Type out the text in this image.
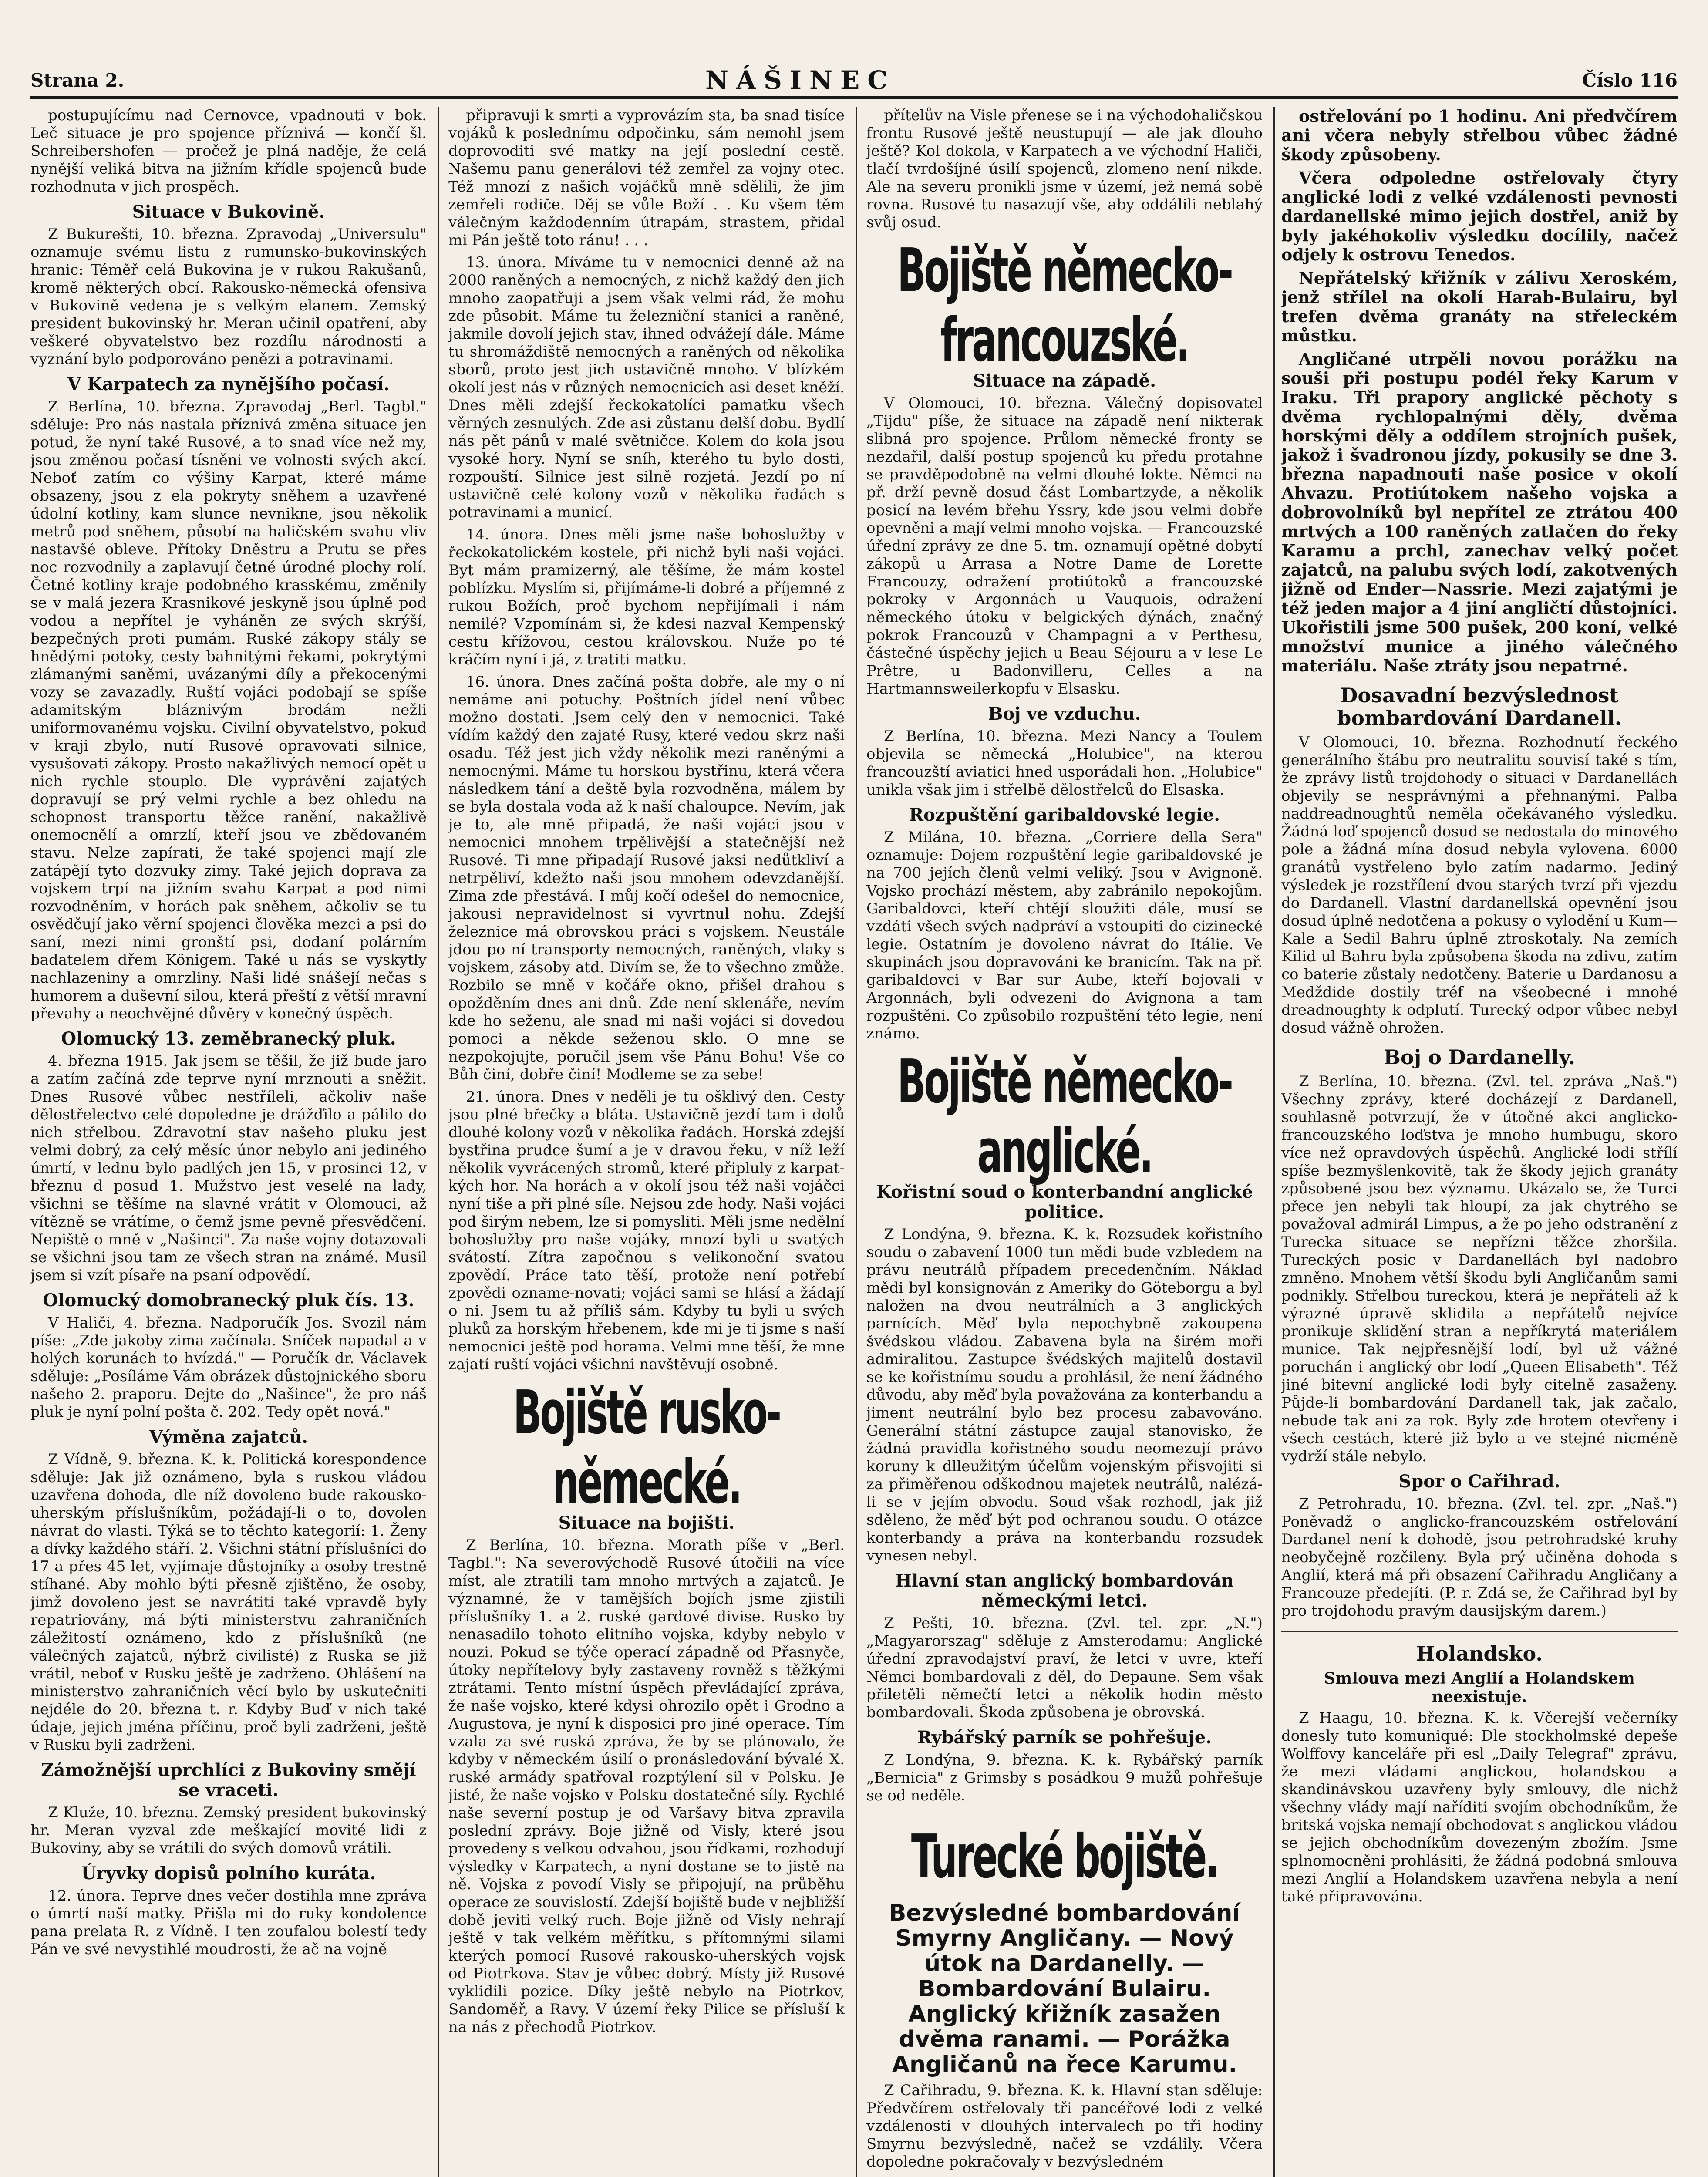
Strana 2.	NÁŠINEC	Číslo 116

postupujícímu nad Cernovce, vpadnouti v bok. Leč situace je pro spojence příznivá — končí šl. Schreibershofen — pročež je plná naděje, že celá nynější veliká bitva na jižním křídle spojenců bude rozhodnuta v jich prospěch.

Situace v Bukovině.

Z Bukurešti, 10. března. Zpravodaj „Universulu" oznamuje svému listu z rumunsko-bukovinských hranic: Téměř celá Bukovina je v rukou Rakušanů, kromě některých obcí. Rakousko-německá ofensiva v Bukovině vedena je s velkým elanem. Zemský president bukovinský hr. Meran učinil opatření, aby veškeré obyvatelstvo bez rozdílu národnosti a vyznání bylo podporováno penězi a potravinami.

V Karpatech za nynějšího počasí.

Z Berlína, 10. března. Zpravodaj „Berl. Tagbl." sděluje: Pro nás nastala příznivá změna situace jen potud, že nyní také Rusové, a to snad více než my, jsou změnou počasí tísněni ve volnosti svých akcí. Neboť zatím co výšiny Karpat, které máme obsazeny, jsou z ela pokryty sněhem a uzavřené údolní kotliny, kam slunce nevnikne, jsou několik metrů pod sněhem, působí na haličském svahu vliv nastavšé obleve. Přítoky Dněstru a Prutu se přes noc rozvodnily a zaplavují četné úrodné plochy rolí. Četné kotliny kraje podobného krasskému, změnily se v malá jezera Krasnikové jeskyně jsou úplně pod vodou a nepřítel je vyháněn ze svých skrýší, bezpečných proti pumám. Ruské zákopy stály se hnědými potoky, cesty bahnitými řekami, pokrytými zlámanými saněmi, uvázanými díly a překocenými vozy se zavazadly. Ruští vojáci podobají se spíše adamitským bláznivým brodám nežli uniformovanému vojsku. Civilní obyvatelstvo, pokud v kraji zbylo, nutí Rusové opravovati silnice, vysušovati zákopy. Prosto nakažlivých nemocí opět u nich rychle stouplo. Dle vyprávění zajatých dopravují se prý velmi rychle a bez ohledu na schopnost transportu těžce ranění, nakažlivě onemocnělí a omrzlí, kteří jsou ve zbědovaném stavu. Nelze zapírati, že také spojenci mají zle zatápějí tyto dozvuky zimy. Také jejich doprava za vojskem trpí na jižním svahu Karpat a pod nimi rozvodněním, v horách pak sněhem, ačkoliv se tu osvědčují jako věrní spojenci člověka mezci a psi do saní, mezi nimi gronští psi, dodaní polárním badatelem dřem Königem. Také u nás se vyskytly nachlazeniny a omrzliny. Naši lidé snášejí nečas s humorem a duševní silou, která přeští z větší mravní převahy a neochvějné důvěry v konečný úspěch.

Olomucký 13. zeměbranecký pluk.

4. března 1915. Jak jsem se těšil, že již bude jaro a zatím začíná zde teprve nyní mrznouti a sněžit. Dnes Rusové vůbec nestříleli, ačkoliv naše dělostřelectvo celé dopoledne je drážďilo a pálilo do nich střelbou. Zdravotní stav našeho pluku jest velmi dobrý, za celý měsíc únor nebylo ani jediného úmrtí, v lednu bylo padlých jen 15, v prosinci 12, v březnu d posud 1. Mužstvo jest veselé na lady, všichni se těšíme na slavné vrátit v Olomouci, až vítězně se vrátíme, o čemž jsme pevně přesvědčení. Nepiště o mně v „Našinci". Za naše vojny dotazovali se všichni jsou tam ze všech stran na známé. Musil jsem si vzít písaře na psaní odpovědí.

Olomucký domobranecký pluk čís. 13.

V Haliči, 4. března. Nadporučík Jos. Svozil nám píše: „Zde jakoby zima začínala. Sníček napadal a v holých korunách to hvízdá." — Poručík dr. Václavek sděluje: „Posíláme Vám obrázek důstojnického sboru našeho 2. praporu. Dejte do „Našince", že pro náš pluk je nyní polní pošta č. 202. Tedy opět nová."

Výměna zajatců.

Z Vídně, 9. března. K. k. Politická korespondence sděluje: Jak již oznámeno, byla s ruskou vládou uzavřena dohoda, dle níž dovoleno bude rakousko-uherským příslušníkům, požádají-li o to, dovolen návrat do vlasti. Týká se to těchto kategorií: 1. Ženy a dívky každého stáří. 2. Všichni státní příslušníci do 17 a přes 45 let, vyjímaje důstojníky a osoby trestně stíhané. Aby mohlo býti přesně zjištěno, že osoby, jimž dovoleno jest se navrátiti také vpravdě byly repatriovány, má býti ministerstvu zahraničních záležitostí oznámeno, kdo z příslušníků (ne válečných zajatců, nýbrž civilisté) z Ruska se již vrátil, neboť v Rusku ještě je zadrženo. Ohlášení na ministerstvo zahraničních věcí bylo by uskutečniti nejdéle do 20. března t. r. Kdyby Buď v nich také údaje, jejich jména příčinu, proč byli zadrženi, ještě v Rusku byli zadrženi.

Zámožnější uprchlíci z Bukoviny smějí se vraceti.

Z Kluže, 10. března. Zemský president bukovinský hr. Meran vyzval zde meškající movité lidi z Bukoviny, aby se vrátili do svých domovů vrátili.

Úryvky dopisů polního kuráta.

12. února. Teprve dnes večer dostihla mne zpráva o úmrtí naší matky. Přišla mi do ruky kondolence pana prelata R. z Vídně. I ten zoufalou bolestí tedy Pán ve své nevystihlé moudrosti, že ač na vojně

připravuji k smrti a vyprovázím sta, ba snad tisíce vojáků k poslednímu odpočinku, sám nemohl jsem doprovoditi své matky na její poslední cestě. Našemu panu generálovi též zemřel za vojny otec. Též mnozí z našich vojáčků mně sdělili, že jim zemřeli rodiče. Děj se vůle Boží . . Ku všem těm válečným každodenním útrapám, strastem, přidal mi Pán ještě toto ránu! . . .

13. února. Míváme tu v nemocnici denně až na 2000 raněných a nemocných, z nichž každý den jich mnoho zaopatřuji a jsem však velmi rád, že mohu zde působit. Máme tu železniční stanici a raněné, jakmile dovolí jejich stav, ihned odvážejí dále. Máme tu shromáždiště nemocných a raněných od několika sborů, proto jest jich ustavičně mnoho. V blízkém okolí jest nás v různých nemocnicích asi deset kněží. Dnes měli zdejší řeckokatolíci pamatku všech věrných zesnulých. Zde asi zůstanu delší dobu. Bydlí nás pět pánů v malé světničce. Kolem do kola jsou vysoké hory. Nyní se sníh, kterého tu bylo dosti, rozpouští. Silnice jest silně rozjetá. Jezdí po ní ustavičně celé kolony vozů v několika řadách s potravinami a municí.

14. února. Dnes měli jsme naše bohoslužby v řeckokatolickém kostele, při nichž byli naši vojáci. Byt mám pramizerný, ale těšíme, že mám kostel poblízku. Myslím si, přijímáme-li dobré a příjemné z rukou Božích, proč bychom nepřijímali i nám nemilé? Vzpomínám si, že kdesi nazval Kempenský cestu křížovou, cestou královskou. Nuže po té kráčím nyní i já, z tratiti matku.

16. února. Dnes začíná pošta dobře, ale my o ní nemáme ani potuchy. Poštních jídel není vůbec možno dostati. Jsem celý den v nemocnici. Také vídím každý den zajaté Rusy, které vedou skrz naši osadu. Též jest jich vždy několik mezi raněnými a nemocnými. Máme tu horskou bystřinu, která včera následkem tání a deště byla rozvodněna, málem by se byla dostala voda až k naší chaloupce. Nevím, jak je to, ale mně připadá, že naši vojáci jsou v nemocnici mnohem trpělivější a statečnější než Rusové. Ti mne připadají Rusové jaksi nedůtkliví a netrpěliví, kdežto naši jsou mnohem odevzdanější. Zima zde přestává. I můj kočí odešel do nemocnice, jakousi nepravidelnost si vyvrtnul nohu. Zdejší železnice má obrovskou práci s vojskem. Neustále jdou po ní transporty nemocných, raněných, vlaky s vojskem, zásoby atd. Divím se, že to všechno zmůže. Rozbilo se mně v kočáře okno, přišel drahou s opožděním dnes ani dnů. Zde není sklenáře, nevím kde ho seženu, ale snad mi naši vojáci si dovedou pomoci a někde seženou sklo. O mne se nezpokojujte, poručil jsem vše Pánu Bohu! Vše co Bůh činí, dobře činí! Modleme se za sebe!

21. února. Dnes v neděli je tu ošklivý den. Cesty jsou plné břečky a bláta. Ustavičně jezdí tam i dolů dlouhé kolony vozů v několika řadách. Horská zdejší bystřina prudce šumí a je v dravou řeku, v níž leží několik vyvrácených stromů, které připluly z karpat-kých hor. Na horách a v okolí jsou též naši vojáčci nyní tiše a při plné síle. Nejsou zde hody. Naši vojáci pod širým nebem, lze si pomysliti. Měli jsme nedělní bohoslužby pro naše vojáky, mnozí byli u svatých svátostí. Zítra započnou s velikonoční svatou zpovědí. Práce tato těší, protože není potřebí zpovědi ozname-novati; vojáci sami se hlásí a žádají o ni. Jsem tu až příliš sám. Kdyby tu byli u svých pluků za horským hřebenem, kde mi je ti jsme s naší nemocnici ještě pod horama. Velmi mne těší, že mne zajatí ruští vojáci všichni navštěvují osobně.

Bojiště rusko-německé.
Situace na bojišti.

Z Berlína, 10. března. Morath píše v „Berl. Tagbl.": Na severovýchodě Rusové útočili na více míst, ale ztratili tam mnoho mrtvých a zajatců. Je významné, že v tamějších bojích jsme zjistili příslušníky 1. a 2. ruské gardové divise. Rusko by nenasadilo tohoto elitního vojska, kdyby nebylo v nouzi. Pokud se týče operací západně od Přasnyče, útoky nepřítelovy byly zastaveny rovněž s těžkými ztrátami. Tento místní úspěch převládající zpráva, že naše vojsko, které kdysi ohrozilo opět i Grodno a Augustova, je nyní k disposici pro jiné operace. Tím vzala za své ruská zpráva, že by se plánovalo, že kdyby v německém úsilí o pronásledování bývalé X. ruské armády spatřoval rozptýlení sil v Polsku. Je jisté, že naše vojsko v Polsku dostatečné síly. Rychlé naše severní postup je od Varšavy bitva zpravila poslední zprávy. Boje jižně od Visly, které jsou provedeny s velkou odvahou, jsou řídkami, rozhodují výsledky v Karpatech, a nyní dostane se to jistě na ně. Vojska z povodí Visly se připojují, na průběhu operace ze souvislostí. Zdejší bojiště bude v nejbližší době jeviti velký ruch. Boje jižně od Visly nehrají ještě v tak velkém měřítku, s přítomnými silami kterých pomocí Rusové rakousko-uherských vojsk od Piotrkova. Stav je vůbec dobrý. Místy již Rusové vyklidili pozice. Díky ještě nebylo na Piotrkov, Sandoměř, a Ravy. V území řeky Pilice se přísluší k na nás z přechodů Piotrkov.

přítelův na Visle přenese se i na východohaličskou frontu Rusové ještě neustupují — ale jak dlouho ještě? Kol dokola, v Karpatech a ve východní Haliči, tlačí tvrdošíjné úsilí spojenců, zlomeno není nikde. Ale na severu pronikli jsme v území, jež nemá sobě rovna. Rusové tu nasazují vše, aby oddálili neblahý svůj osud.

Bojiště německo-francouzské.
Situace na západě.

V Olomouci, 10. března. Válečný dopisovatel „Tijdu" píše, že situace na západě není nikterak slibná pro spojence. Průlom německé fronty se nezdařil, další postup spojenců ku předu protahne se pravděpodobně na velmi dlouhé lokte. Němci na př. drží pevně dosud část Lombartzyde, a několik posicí na levém břehu Yssry, kde jsou velmi dobře opevněni a mají velmi mnoho vojska. — Francouzské úřední zprávy ze dne 5. tm. oznamují opětné dobytí zákopů u Arrasa a Notre Dame de Lorette Francouzy, odražení protiútoků a francouzské pokroky v Argonnách u Vauquois, odražení německého útoku v belgických dýnách, značný pokrok Francouzů v Champagni a v Perthesu, částečné úspěchy jejich u Beau Séjouru a v lese Le Prêtre, u Badonvilleru, Celles a na Hartmannsweilerkopfu v Elsasku.

Boj ve vzduchu.

Z Berlína, 10. března. Mezi Nancy a Toulem objevila se německá „Holubice", na kterou francouzští aviatici hned usporádali hon. „Holubice" unikla však jim i střelbě dělostřelců do Elsaska.

Rozpuštění garibaldovské legie.

Z Milána, 10. března. „Corriere della Sera" oznamuje: Dojem rozpuštění legie garibaldovské je na 700 jejích členů velmi veliký. Jsou v Avignoně. Vojsko prochází městem, aby zabránilo nepokojům. Garibaldovci, kteří chtějí sloužiti dále, musí se vzdáti všech svých nadpráví a vstoupiti do cizinecké legie. Ostatním je dovoleno návrat do Itálie. Ve skupinách jsou dopravováni ke branicím. Tak na př. garibaldovci v Bar sur Aube, kteří bojovali v Argonnách, byli odvezeni do Avignona a tam rozpuštěni. Co způsobilo rozpuštění této legie, není známo.

Bojiště německo-anglické.
Kořistní soud o konterbandní anglické politice.

Z Londýna, 9. března. K. k. Rozsudek kořistního soudu o zabavení 1000 tun mědi bude vzbledem na právu neutrálů případem precedenčním. Náklad mědi byl konsignován z Ameriky do Göteborgu a byl naložen na dvou neutrálních a 3 anglických parnících. Měď byla nepochybně zakoupena švédskou vládou. Zabavena byla na širém moři admiralitou. Zastupce švédských majitelů dostavil se ke kořistnímu soudu a prohlásil, že není žádného důvodu, aby měď byla považována za konterbandu a jiment neutrální bylo bez procesu zabavováno. Generální státní zástupce zaujal stanovisko, že žádná pravidla kořistného soudu neomezují právo koruny k dlleužitým účelům vojenským přisvojiti si za přiměřenou odškodnou majetek neutrálů, nalézá-li se v jejím obvodu. Soud však rozhodl, jak již sděleno, že měď být pod ochranou soudu. O otázce konterbandy a práva na konterbandu rozsudek vynesen nebyl.

Hlavní stan anglický bombardován německými letci.

Z Pešti, 10. března. (Zvl. tel. zpr. „N.") „Magyarorszag" sděluje z Amsterodamu: Anglické úřední zpravodajství praví, že letci v uvre, kteří Němci bombardovali z děl, do Depaune. Sem však přiletěli němečtí letci a několik hodin město bombardovali. Škoda způsobena je obrovská.

Rybářský parník se pohřešuje.

Z Londýna, 9. března. K. k. Rybářský parník „Bernicia" z Grimsby s posádkou 9 mužů pohřešuje se od neděle.

Turecké bojiště.
Bezvýsledné bombardování Smyrny Angličany. — Nový útok na Dardanelly. — Bombardování Bulairu. Anglický křižník zasažen dvěma ranami. — Porážka Angličanů na řece Karumu.

Z Cařihradu, 9. března. K. k. Hlavní stan sděluje: Předvčírem ostřelovaly tři pancéřové lodi z velké vzdálenosti v dlouhých intervalech po tři hodiny Smyrnu bezvýsledně, načež se vzdálily. Včera dopoledne pokračovaly v bezvýsledném

ostřelování po 1 hodinu. Ani předvčírem ani včera nebyly střelbou vůbec žádné škody způsobeny.

Včera odpoledne ostřelovaly čtyry anglické lodi z velké vzdálenosti pevnosti dardanellské mimo jejich dostřel, aniž by byly jakéhokoliv výsledku docílily, načež odjely k ostrovu Tenedos.

Nepřátelský křižník v zálivu Xeroském, jenž střílel na okolí Harab-Bulairu, byl trefen dvěma granáty na střeleckém můstku.

Angličané utrpěli novou porážku na souši při postupu podél řeky Karum v Iraku. Tři prapory anglické pěchoty s dvěma rychlopalnými děly, dvěma horskými děly a oddílem strojních pušek, jakož i švadronou jízdy, pokusily se dne 3. března napadnouti naše posice v okolí Ahvazu. Protiútokem našeho vojska a dobrovolníků byl nepřítel ze ztrátou 400 mrtvých a 100 raněných zatlačen do řeky Karamu a prchl, zanechav velký počet zajatců, na palubu svých lodí, zakotvených jižně od Ender—Nassrie. Mezi zajatými je též jeden major a 4 jiní angličtí důstojníci. Ukořistili jsme 500 pušek, 200 koní, velké množství munice a jiného válečného materiálu. Naše ztráty jsou nepatrné.

Dosavadní bezvýslednost bombardování Dardanell.

V Olomouci, 10. března. Rozhodnutí řeckého generálního štábu pro neutralitu souvisí také s tím, že zprávy listů trojdohody o situaci v Dardanellách objevily se nesprávnými a přehnanými. Palba naddreadnoughtů neměla očekávaného výsledku. Žádná loď spojenců dosud se nedostala do minového pole a žádná mína dosud nebyla vylovena. 6000 granátů vystřeleno bylo zatím nadarmo. Jediný výsledek je rozstřílení dvou starých tvrzí při vjezdu do Dardanell. Vlastní dardanellská opevnění jsou dosud úplně nedotčena a pokusy o vylodění u Kum—Kale a Sedil Bahru úplně ztroskotaly. Na zemích Kilid ul Bahru byla způsobena škoda na zdivu, zatím co baterie zůstaly nedotčeny. Baterie u Dardanosu a Medždide dostily tréf na všeobecné i mnohé dreadnoughty k odplutí. Turecký odpor vůbec nebyl dosud vážně ohrožen.

Boj o Dardanelly.

Z Berlína, 10. března. (Zvl. tel. zpráva „Naš.") Všechny zprávy, které docházejí z Dardanell, souhlasně potvrzují, že v útočné akci anglicko-francouzského loďstva je mnoho humbugu, skoro více než opravdových úspěchů. Anglické lodi střílí spíše bezmyšlenkovitě, tak že škody jejich granáty způsobené jsou bez významu. Ukázalo se, že Turci přece jen nebyli tak hloupí, za jak chytrého se považoval admirál Limpus, a že po jeho odstranění z Turecka situace se nepřízni těžce zhoršila. Tureckých posic v Dardanellách byl nadobro zmněno. Mnohem větší škodu byli Angličanům sami podnikly. Střelbou tureckou, která je nepřáteli až k výrazné úpravě sklidila a nepřátelů nejvíce pronikuje sklidění stran a nepříkrytá materiálem munice. Tak nejpřesnější lodí, byl už vážné poruchán i anglický obr lodí „Queen Elisabeth". Též jiné bitevní anglické lodi byly citelně zasaženy. Půjde-li bombardování Dardanell tak, jak začalo, nebude tak ani za rok. Byly zde hrotem otevřeny i všech cestách, které již bylo a ve stejné nicméně vydrží stále nebylo.

Spor o Cařihrad.

Z Petrohradu, 10. března. (Zvl. tel. zpr. „Naš.") Poněvadž o anglicko-francouzském ostřelování Dardanel není k dohodě, jsou petrohradské kruhy neobyčejně rozčileny. Byla prý učiněna dohoda s Anglií, která má při obsazení Cařihradu Angličany a Francouze předejíti. (P. r. Zdá se, že Cařihrad byl by pro trojdohodu pravým dausijským darem.)

Holandsko.
Smlouva mezi Anglií a Holandskem neexistuje.

Z Haagu, 10. března. K. k. Včerejší večerníky donesly tuto komuniqué: Dle stockholmské depeše Wolffovy kanceláře při esl „Daily Telegraf" zprávu, že mezi vládami anglickou, holandskou a skandinávskou uzavřeny byly smlouvy, dle nichž všechny vlády mají naříditi svojím obchodníkům, že britská vojska nemají obchodovat s anglickou vládou se jejich obchodníkům dovezeným zbožím. Jsme splnomocněni prohlásiti, že žádná podobná smlouva mezi Anglií a Holandskem uzavřena nebyla a není také připravována.
